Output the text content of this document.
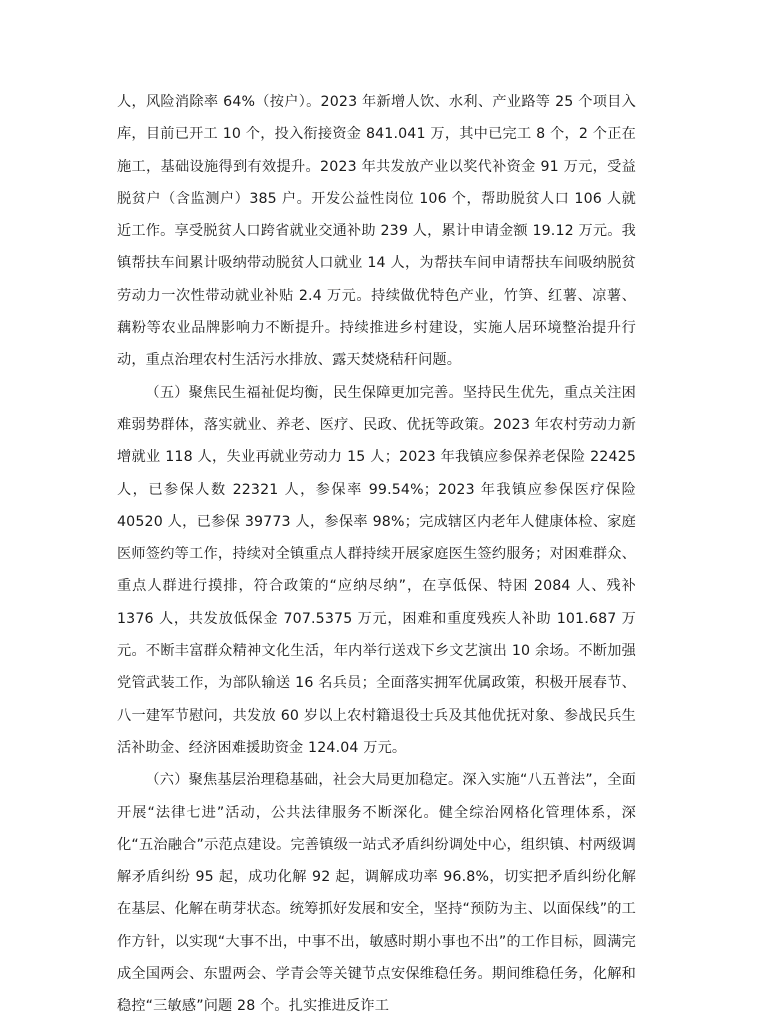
人，风险消除率 64%（按户）。2023 年新增人饮、水利、产业路等 25 个项目入库，目前已开工 10 个，投入衔接资金 841.041 万，其中已完工 8 个，2 个正在施工，基础设施得到有效提升。2023 年共发放产业以奖代补资金 91 万元，受益脱贫户（含监测户）385 户。开发公益性岗位 106 个，帮助脱贫人口 106 人就近工作。享受脱贫人口跨省就业交通补助 239 人，累计申请金额 19.12 万元。我镇帮扶车间累计吸纳带动脱贫人口就业 14 人，为帮扶车间申请帮扶车间吸纳脱贫劳动力一次性带动就业补贴 2.4 万元。持续做优特色产业，竹笋、红薯、凉薯、藕粉等农业品牌影响力不断提升。持续推进乡村建设，实施人居环境整治提升行动，重点治理农村生活污水排放、露天焚烧秸秆问题。

（五）聚焦民生福祉促均衡，民生保障更加完善。坚持民生优先，重点关注困难弱势群体，落实就业、养老、医疗、民政、优抚等政策。2023 年农村劳动力新增就业 118 人，失业再就业劳动力 15 人；2023 年我镇应参保养老保险 22425 人，已参保人数 22321 人，参保率 99.54%；2023 年我镇应参保医疗保险 40520 人，已参保 39773 人，参保率 98%；完成辖区内老年人健康体检、家庭医师签约等工作，持续对全镇重点人群持续开展家庭医生签约服务；对困难群众、重点人群进行摸排，符合政策的“应纳尽纳”，在享低保、特困 2084 人、残补 1376 人，共发放低保金 707.5375 万元，困难和重度残疾人补助 101.687 万元。不断丰富群众精神文化生活，年内举行送戏下乡文艺演出 10 余场。不断加强党管武装工作，为部队输送 16 名兵员；全面落实拥军优属政策，积极开展春节、八一建军节慰问，共发放 60 岁以上农村籍退役士兵及其他优抚对象、参战民兵生活补助金、经济困难援助资金 124.04 万元。

（六）聚焦基层治理稳基础，社会大局更加稳定。深入实施“八五普法”，全面开展“法律七进”活动，公共法律服务不断深化。健全综治网格化管理体系，深化“五治融合”示范点建设。完善镇级一站式矛盾纠纷调处中心，组织镇、村两级调解矛盾纠纷 95 起，成功化解 92 起，调解成功率 96.8%，切实把矛盾纠纷化解在基层、化解在萌芽状态。统筹抓好发展和安全，坚持“预防为主、以面保线”的工作方针，以实现“大事不出，中事不出，敏感时期小事也不出”的工作目标，圆满完成全国两会、东盟两会、学青会等关键节点安保维稳任务。期间维稳任务，化解和稳控“三敏感”问题 28 个。扎实推进反诈工
